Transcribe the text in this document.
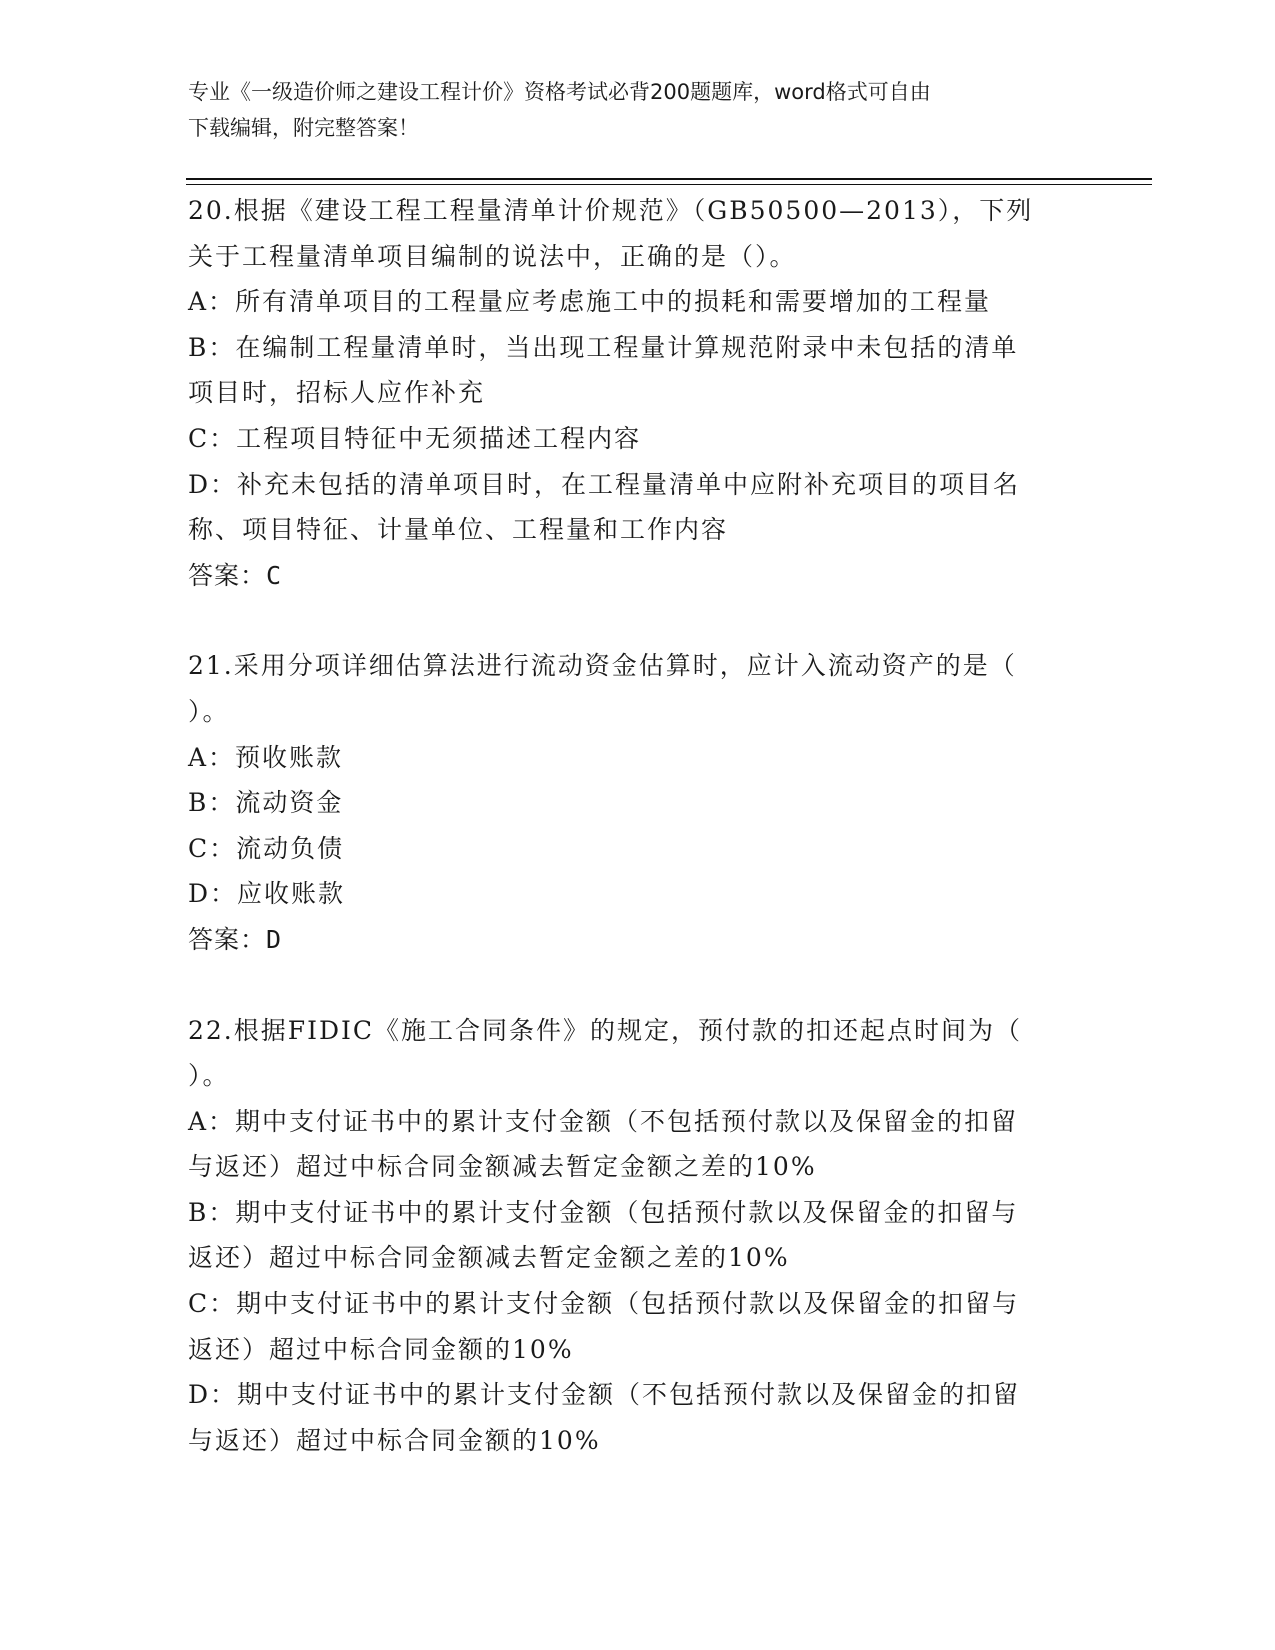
专业《一级造价师之建设工程计价》资格考试必背200题题库，word格式可自由
下载编辑，附完整答案！
20.根据《建设工程工程量清单计价规范》（GB50500—2013），下列
关于工程量清单项目编制的说法中，正确的是（）。
A：所有清单项目的工程量应考虑施工中的损耗和需要增加的工程量
B：在编制工程量清单时，当出现工程量计算规范附录中未包括的清单
项目时，招标人应作补充
C：工程项目特征中无须描述工程内容
D：补充未包括的清单项目时，在工程量清单中应附补充项目的项目名
称、项目特征、计量单位、工程量和工作内容
答案：C
21.采用分项详细估算法进行流动资金估算时，应计入流动资产的是（
）。
A：预收账款
B：流动资金
C：流动负债
D：应收账款
答案：D
22.根据FIDIC《施工合同条件》的规定，预付款的扣还起点时间为（
）。
A：期中支付证书中的累计支付金额（不包括预付款以及保留金的扣留
与返还）超过中标合同金额减去暂定金额之差的10%
B：期中支付证书中的累计支付金额（包括预付款以及保留金的扣留与
返还）超过中标合同金额减去暂定金额之差的10%
C：期中支付证书中的累计支付金额（包括预付款以及保留金的扣留与
返还）超过中标合同金额的10%
D：期中支付证书中的累计支付金额（不包括预付款以及保留金的扣留
与返还）超过中标合同金额的10%
